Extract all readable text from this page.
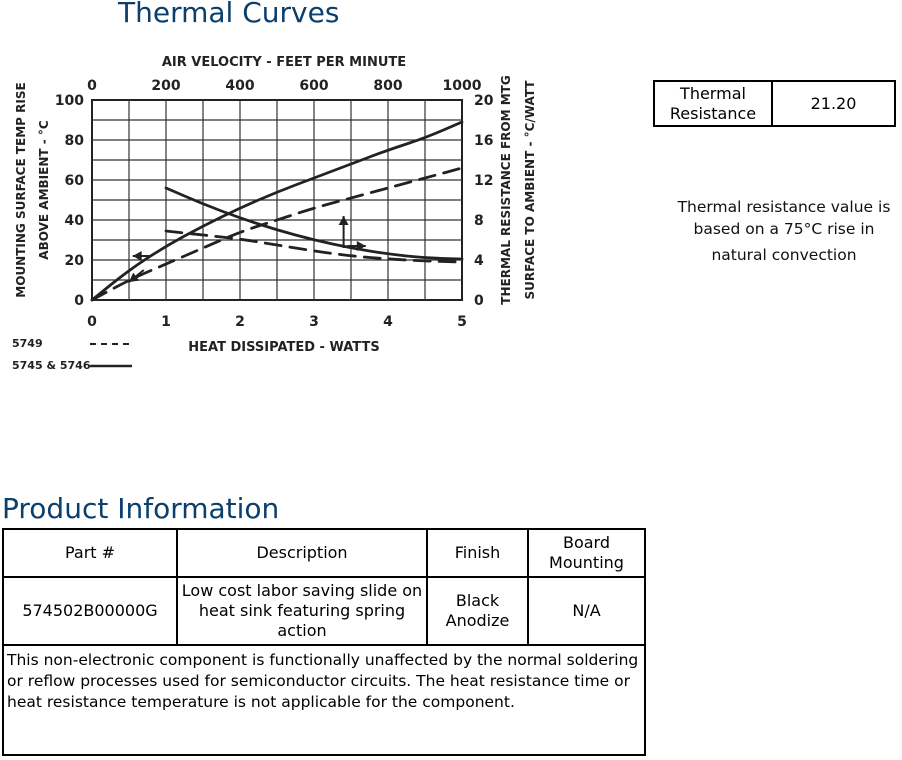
Thermal Curves
0	1	2	3	4	5
0	200	400	600	800	1000
0
20
40
60
80
100
0
4
8
12
16
20
AIR VELOCITY - FEET PER MINUTE
HEAT DISSIPATED - WATTS
MOUNTING SURFACE TEMP RISE ABOVE AMBIENT - °C	THERMAL RESISTANCE FROM MTG SURFACE TO AMBIENT - °C/WATT
5749
5745 & 5746
Thermal Resistance	21.20
Thermal resistance value is
based on a 75°C rise in
natural convection
Product Information
Part #	Description	Finish	Board Mounting
574502B00000G	Low cost labor saving slide on heat sink featuring spring action	Black Anodize	N/A
This non-electronic component is functionally unaffected by the normal soldering or reflow processes used for semiconductor circuits. The heat resistance time or heat resistance temperature is not applicable for the component.			
